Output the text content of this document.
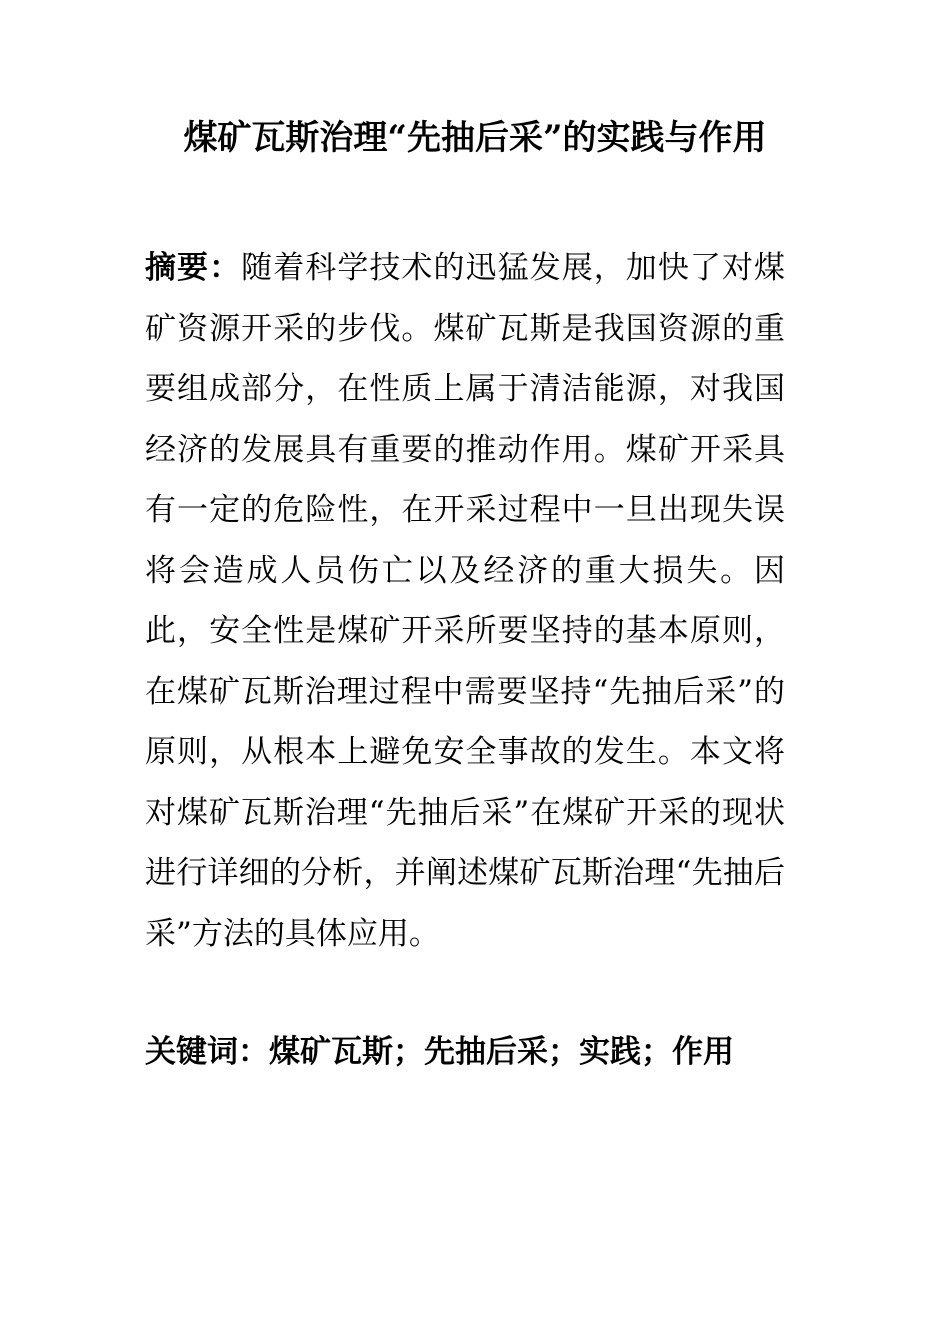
煤矿瓦斯治理“先抽后采”的实践与作用

摘要：随着科学技术的迅猛发展，加快了对煤矿资源开采的步伐。煤矿瓦斯是我国资源的重要组成部分，在性质上属于清洁能源，对我国经济的发展具有重要的推动作用。煤矿开采具有一定的危险性，在开采过程中一旦出现失误将会造成人员伤亡以及经济的重大损失。因此，安全性是煤矿开采所要坚持的基本原则，在煤矿瓦斯治理过程中需要坚持“先抽后采”的原则，从根本上避免安全事故的发生。本文将对煤矿瓦斯治理“先抽后采”在煤矿开采的现状进行详细的分析，并阐述煤矿瓦斯治理“先抽后采”方法的具体应用。

关键词：煤矿瓦斯；先抽后采；实践；作用
